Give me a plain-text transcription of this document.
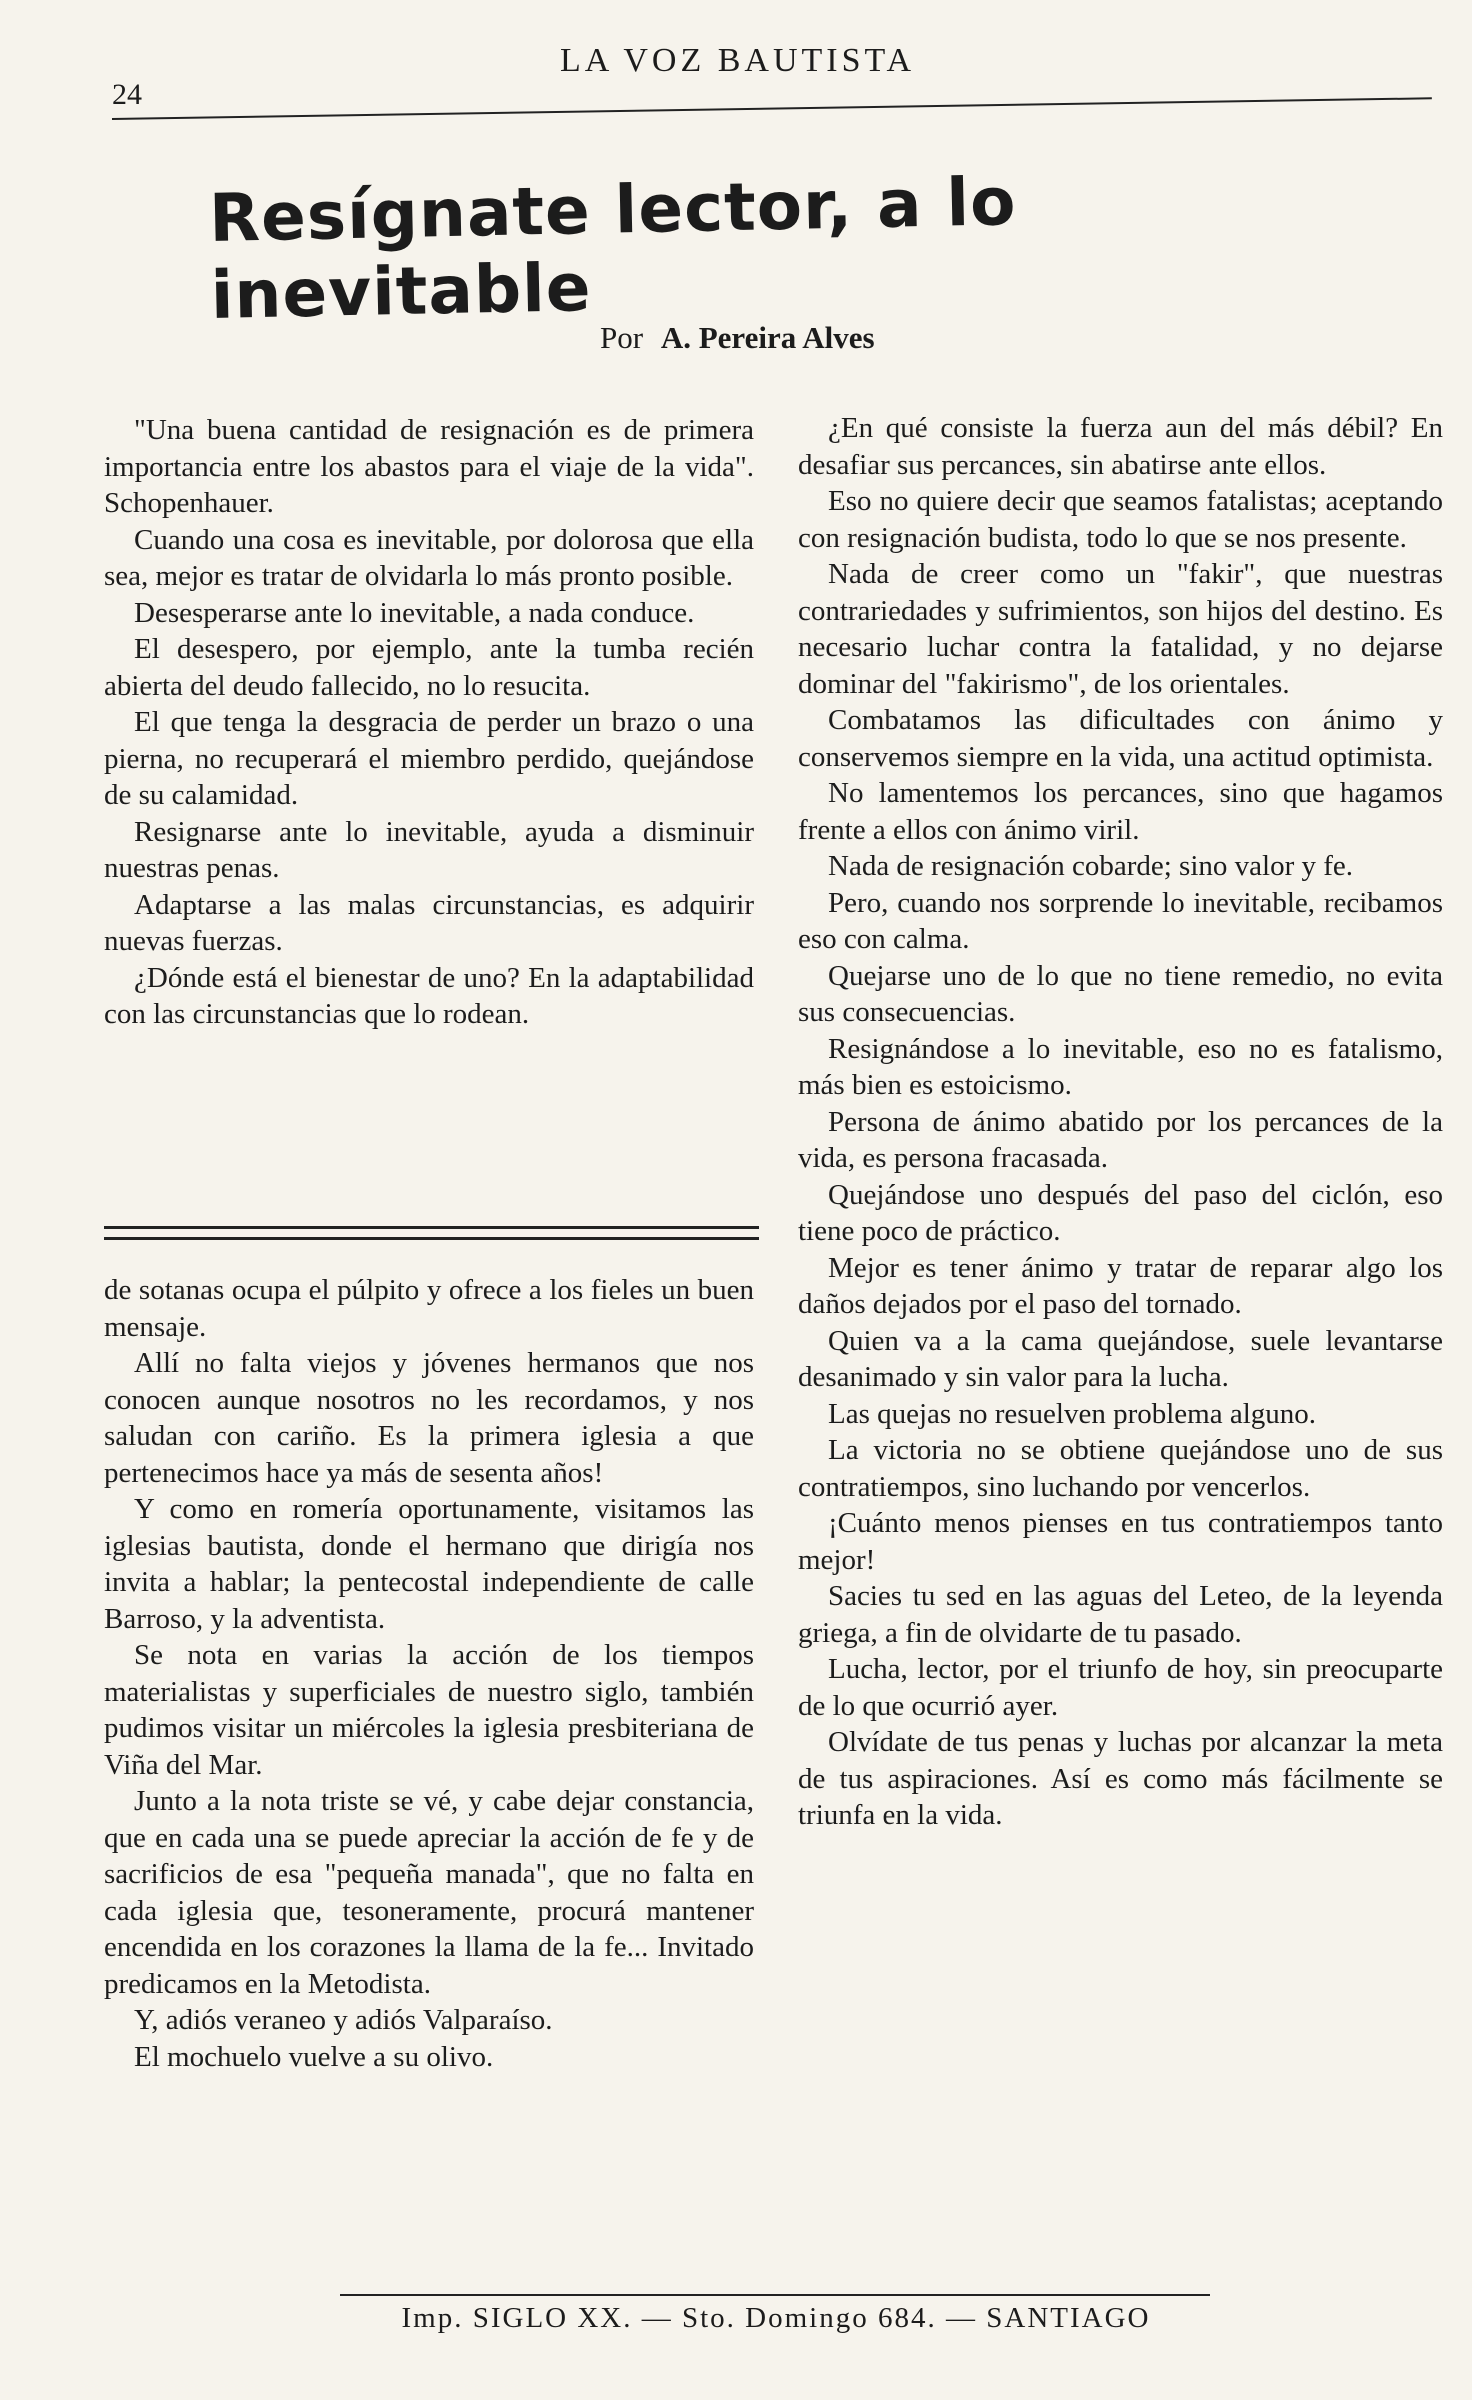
24
LA VOZ BAUTISTA
Resígnate lector, a lo inevitable
Por A. Pereira Alves

"Una buena cantidad de resignación es de primera importancia entre los abastos para el viaje de la vida". Schopenhauer.

Cuando una cosa es inevitable, por dolorosa que ella sea, mejor es tratar de olvidarla lo más pronto posible.

Desesperarse ante lo inevitable, a nada conduce.

El desespero, por ejemplo, ante la tumba recién abierta del deudo fallecido, no lo resucita.

El que tenga la desgracia de perder un brazo o una pierna, no recuperará el miembro perdido, quejándose de su calamidad.

Resignarse ante lo inevitable, ayuda a disminuir nuestras penas.

Adaptarse a las malas circunstancias, es adquirir nuevas fuerzas.

¿Dónde está el bienestar de uno? En la adaptabilidad con las circunstancias que lo rodean.

de sotanas ocupa el púlpito y ofrece a los fieles un buen mensaje.

Allí no falta viejos y jóvenes hermanos que nos conocen aunque nosotros no les recordamos, y nos saludan con cariño. Es la primera iglesia a que pertenecimos hace ya más de sesenta años!

Y como en romería oportunamente, visitamos las iglesias bautista, donde el hermano que dirigía nos invita a hablar; la pentecostal independiente de calle Barroso, y la adventista.

Se nota en varias la acción de los tiempos materialistas y superficiales de nuestro siglo, también pudimos visitar un miércoles la iglesia presbiteriana de Viña del Mar.

Junto a la nota triste se vé, y cabe dejar constancia, que en cada una se puede apreciar la acción de fe y de sacrificios de esa "pequeña manada", que no falta en cada iglesia que, tesoneramente, procurá mantener encendida en los corazones la llama de la fe... Invitado predicamos en la Metodista.

Y, adiós veraneo y adiós Valparaíso.

El mochuelo vuelve a su olivo.

¿En qué consiste la fuerza aun del más débil? En desafiar sus percances, sin abatirse ante ellos.

Eso no quiere decir que seamos fatalistas; aceptando con resignación budista, todo lo que se nos presente.

Nada de creer como un "fakir", que nuestras contrariedades y sufrimientos, son hijos del destino. Es necesario luchar contra la fatalidad, y no dejarse dominar del "fakirismo", de los orientales.

Combatamos las dificultades con ánimo y conservemos siempre en la vida, una actitud optimista.

No lamentemos los percances, sino que hagamos frente a ellos con ánimo viril.

Nada de resignación cobarde; sino valor y fe.

Pero, cuando nos sorprende lo inevitable, recibamos eso con calma.

Quejarse uno de lo que no tiene remedio, no evita sus consecuencias.

Resignándose a lo inevitable, eso no es fatalismo, más bien es estoicismo.

Persona de ánimo abatido por los percances de la vida, es persona fracasada.

Quejándose uno después del paso del ciclón, eso tiene poco de práctico.

Mejor es tener ánimo y tratar de reparar algo los daños dejados por el paso del tornado.

Quien va a la cama quejándose, suele levantarse desanimado y sin valor para la lucha.

Las quejas no resuelven problema alguno.

La victoria no se obtiene quejándose uno de sus contratiempos, sino luchando por vencerlos.

¡Cuánto menos pienses en tus contratiempos tanto mejor!

Sacies tu sed en las aguas del Leteo, de la leyenda griega, a fin de olvidarte de tu pasado.

Lucha, lector, por el triunfo de hoy, sin preocuparte de lo que ocurrió ayer.

Olvídate de tus penas y luchas por alcanzar la meta de tus aspiraciones. Así es como más fácilmente se triunfa en la vida.

Imp. SIGLO XX. — Sto. Domingo 684. — SANTIAGO
